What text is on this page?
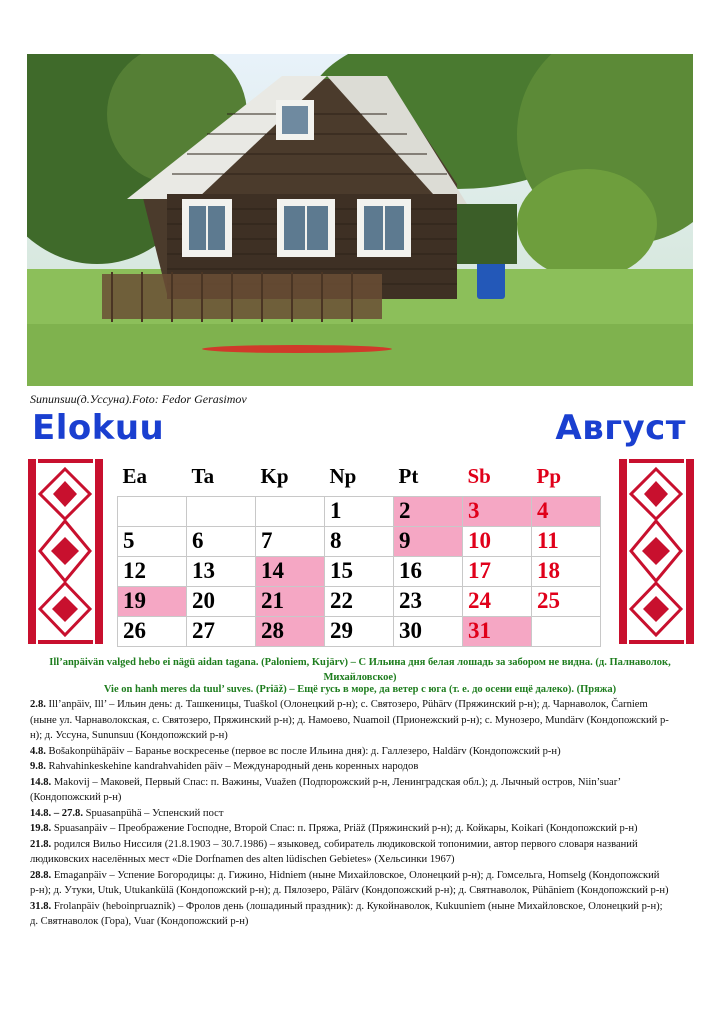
Sununsuu(д.Уссуна).Foto: Fedor Gerasimov
Elokuu	Август
Ea	Ta	Kp	Np	Pt	Sb	Pp
			1	2	3	4
5	6	7	8	9	10	11
12	13	14	15	16	17	18
19	20	21	22	23	24	25
26	27	28	29	30	31	
Ill’anpäivän valged hebo ei nägü aidan tagana. (Paloniem, Kujärv) – С Ильина дня белая лошадь за забором не видна. (д. Палнаволок, Михайловское)
Vie on hanh meres da tuul’ suves. (Priäž) – Ещё гусь в море, да ветер с юга (т. е. до осени ещё далеко). (Пряжа)

2.8. Ill’anpäiv, Ill’ – Ильин день: д. Ташкеницы, Tuaškol (Олонецкий р-н); с. Святозеро, Pühärv (Пряжинский р-н); д. Чарнаволок, Čarniem (ныне ул. Чарнаволокская, с. Святозеро, Пряжинский р-н); д. Намоево, Nuamoil (Прионежский р-н); с. Мунозеро, Mundärv (Кондопожский р-н); д. Уссуна, Sununsuu (Кондопожский р-н)

4.8. Bošakonpühäpäiv – Баранье воскресенье (первое вс после Ильина дня): д. Галлезеро, Haldärv (Кондопожский р-н)

9.8. Rahvahinkeskehine kandrahvahiden päiv – Международный день коренных народов

14.8. Makovij – Маковей, Первый Спас: п. Важины, Vuažen (Подпорожский р-н, Ленинградская обл.); д. Лычный остров, Niin’suar’ (Кондопожский р-н)

14.8. – 27.8. Spuasanpühä – Успенский пост

19.8. Spuasanpäiv – Преображение Господне, Второй Спас: п. Пряжа, Priäž (Пряжинский р-н); д. Койкары, Koikari (Кондопожский р-н)

21.8. родился Вильо Ниссиля (21.8.1903 – 30.7.1986) – языковед, собиратель людиковской топонимии, автор первого словаря названий людиковских населённых мест «Die Dorfnamen des alten lüdischen Gebietes» (Хельсинки 1967)

28.8. Emaganpäiv – Успение Богородицы: д. Гижино, Hidniem (ныне Михайловское, Олонецкий р-н); д. Гомсельга, Homselg (Кондопожский р-н); д. Утуки, Utuk, Utukankülä (Кондопожский р-н); д. Пялозеро, Pälärv (Кондопожский р-н); д. Святнаволок, Pühäniem (Кондопожский р-н)

31.8. Frolanpäiv (heboinpruaznik) – Фролов день (лошадиный праздник): д. Кукойнаволок, Kukuuniem (ныне Михайловское, Олонецкий р-н); д. Святнаволок (Гора), Vuar (Кондопожский р-н)
